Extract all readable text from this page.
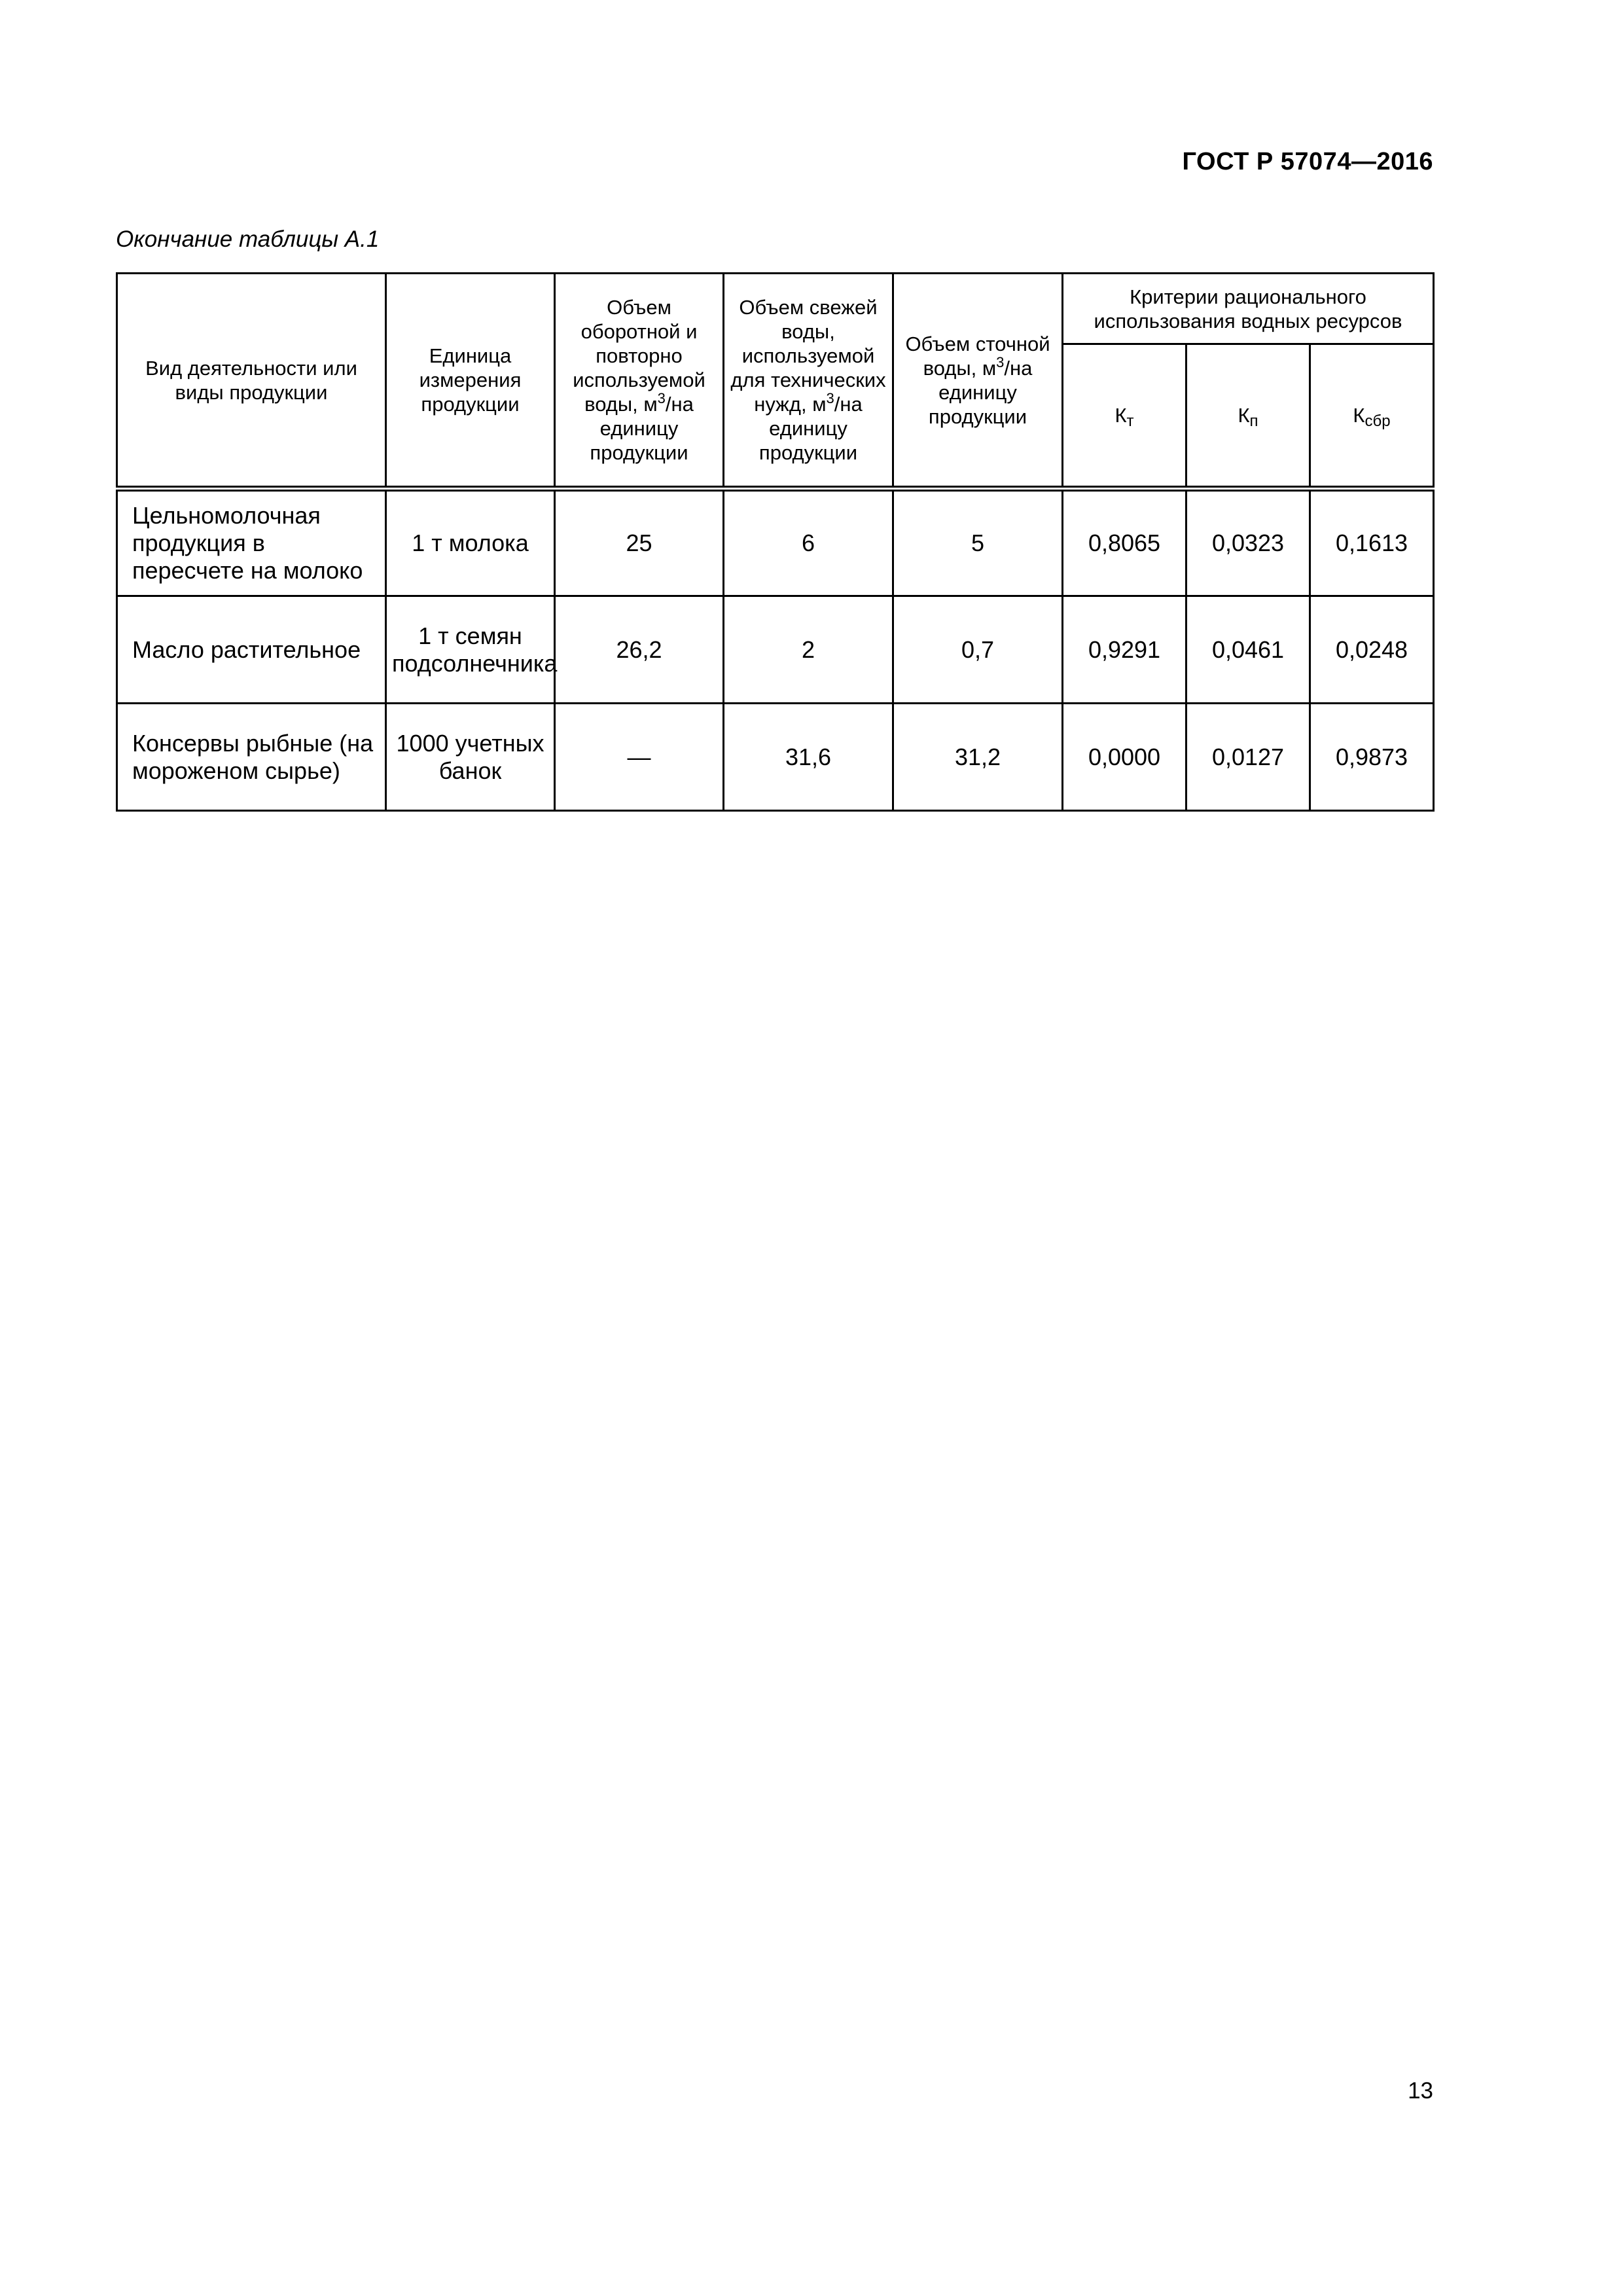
ГОСТ Р 57074—2016
Окончание таблицы А.1
Вид деятельности или виды продукции	Единица измерения продукции	Объем оборотной и повторно используемой воды, $м^3/на$ единицу продукции	Объем свежей воды, используемой для технических нужд, $м^3/на$ единицу продукции	Объем сточной воды, $м^3/на$ единицу продукции	Критерии рационального использования водных ресурсов		
					$К_т$	$К_п$	$К_{сбр}$
Цельномолочная продукция в пересчете на молоко	1 т молока	25	6	5	0,8065	0,0323	0,1613
Масло растительное	1 т семян подсолнечника	26,2	2	0,7	0,9291	0,0461	0,0248
Консервы рыбные (на мороженом сырье)	1000 учетных банок	—	31,6	31,2	0,0000	0,0127	0,9873
13
